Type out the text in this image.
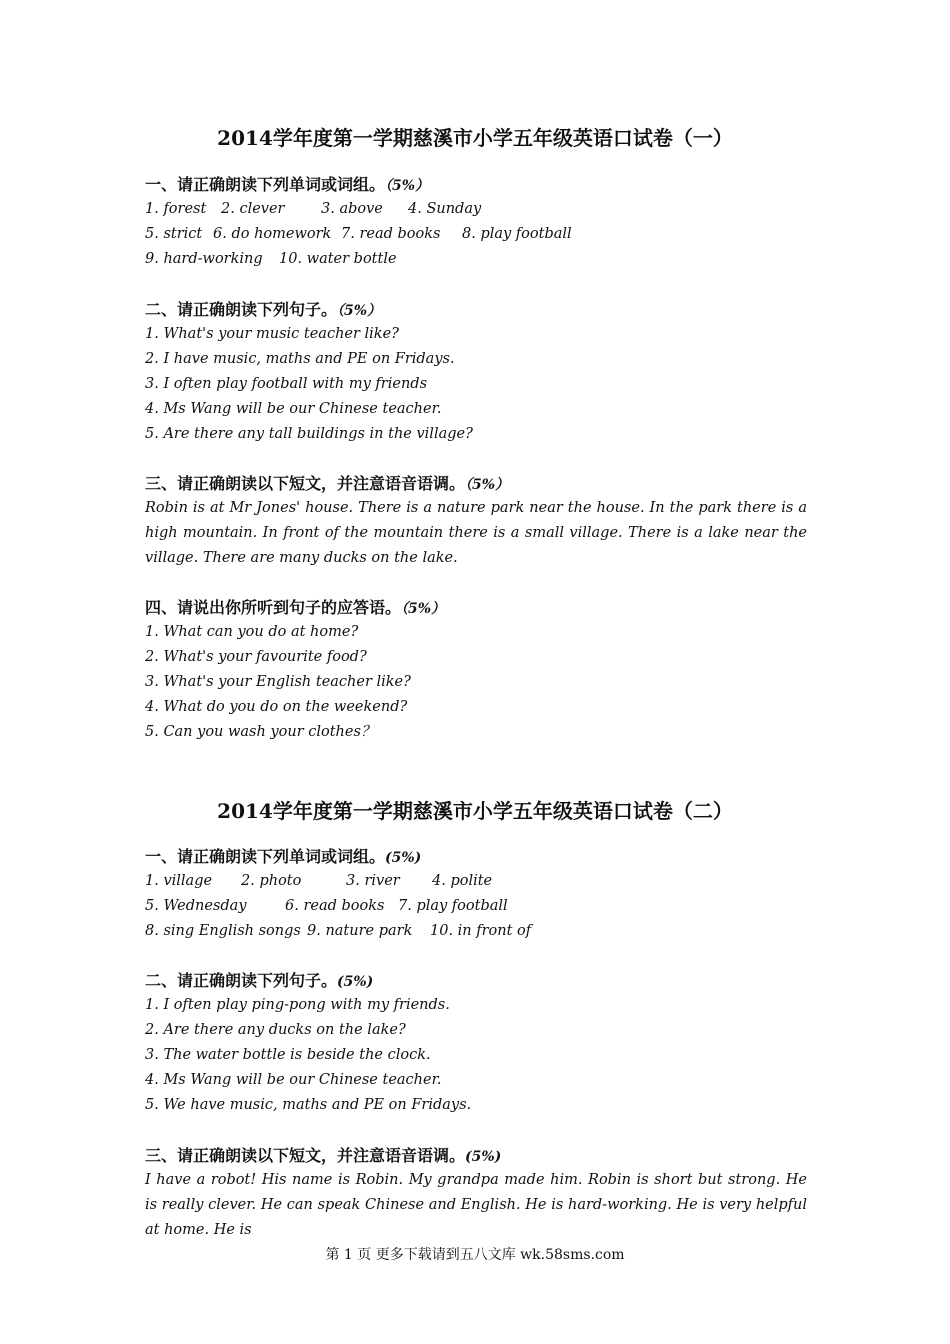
2014学年度第一学期慈溪市小学五年级英语口试卷（一）
一、请正确朗读下列单词或词组。（5%）
1. forest 2. clever	3. above 4. Sunday
5. strict 6. do homework 7. read books 8. play football
9. hard-working 10. water bottle
二、请正确朗读下列句子。（5%）
1. What's your music teacher like?
2. I have music, maths and PE on Fridays.
3. I often play football with my friends
4. Ms Wang will be our Chinese teacher.
5. Are there any tall buildings in the village?
三、请正确朗读以下短文，并注意语音语调。（5%）
Robin is at Mr Jones' house. There is a nature park near the house. In the park there is a high mountain. In front of the mountain there is a small village. There is a lake near the village. There are many ducks on the lake.
四、请说出你所听到句子的应答语。（5%）
1. What can you do at home?
2. What's your favourite food?
3. What's your English teacher like?
4. What do you do on the weekend?
5. Can you wash your clothes？
2014学年度第一学期慈溪市小学五年级英语口试卷（二）
一、请正确朗读下列单词或词组。(5%)
1. village 2. photo	3. river 4. polite
5. Wednesday	6. read books 7. play football
8. sing English songs 9. nature park 10. in front of
二、请正确朗读下列句子。(5%)
1. I often play ping-pong with my friends.
2. Are there any ducks on the lake?
3. The water bottle is beside the clock.
4. Ms Wang will be our Chinese teacher.
5. We have music, maths and PE on Fridays.
三、请正确朗读以下短文，并注意语音语调。(5%)
I have a robot! His name is Robin. My grandpa made him. Robin is short but strong. He is really clever. He can speak Chinese and English. He is hard-working. He is very helpful at home. He is
第 1 页 更多下载请到五八文库 wk.58sms.com
